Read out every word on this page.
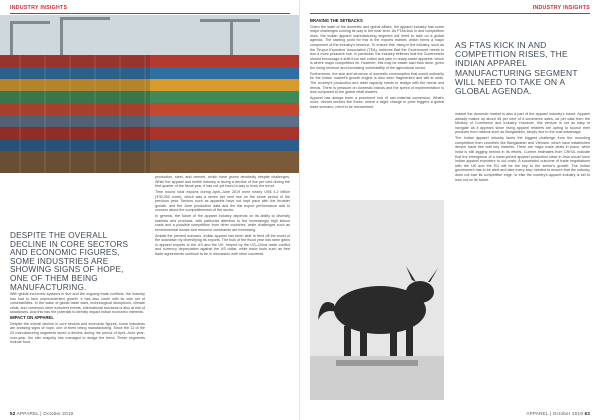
INDUSTRY INSIGHTS

production, steel, and cement, which have grown decidedly despite challenges. While the apparel and textile industry is facing a decline of five per cent during the first quarter of the fiscal year, it has not yet found a way to buck the trend.

Time bound total exports during April–June 2019 were nearly US$ 4.2 billion (₹30,000 crore), which was a seven per cent rise on the same period of the previous year. Sectors such as apparels have not kept pace with the broader growth, and the June production data and the flat export performance add to concern about the competitiveness of the sector.

In general, the future of the apparel industry depends on its ability to diversify markets and products, with particular attention to the increasingly high labour costs and a possible competition from other countries, while challenges such as environmental issues and resource constraints are increasing.

Amidst the present scenario, Indian apparel has been able to fend off the worst of the slowdown by diversifying its exports. The bulk of the fiscal year has seen gains in apparel exports to the US and the UK, helped by the US–China trade conflict and currency depreciation against the US dollar, while trade tools such as free trade agreements continue to be in discussion with other countries.

DESPITE THE OVERALL DECLINE IN CORE SECTORS AND ECONOMIC FIGURES, SOME INDUSTRIES ARE SHOWING SIGNS OF HOPE, ONE OF THEM BEING MANUFACTURING.

With global economic systems in flux and the ongoing trade conflicts, the industry has had to face unprecedented growth, it has also come with its own set of vulnerabilities. In the wake of global trade wars, technological disruptions, climate crisis, and numerous other turbulent events, international business is also at risk of slowdowns. And this has the potential to directly impact Indian economic interests.

IMPACT ON APPAREL

Despite the overall decline in core sectors and economic figures, some industries are showing signs of hope, one of them being manufacturing. Since the 11 of the 23 manufacturing segments faced a decline during the period of April–June year-over-year, the slim majority has managed to dodge the trend. These segments include food

52 APPAREL | October 2019
INDUSTRY INSIGHTS
BRAVING THE SETBACKS

Given the state of the domestic and global affairs, the apparel industry has some major challenges coming its way in the near term. As FTAs kick in and competition rises, the Indian apparel manufacturing segment will need to take on a global agenda. The starting point for this is the exports market, which forms a major component of the industry's revenue. To ensure this, rising in the industry, such as the Tirupur Exporters' Association (TEA), believes that the Government needs to don a more proactive role. In particular, the industry believes that the Government should encourage a shift from raw cotton and yarn to ready-made apparels, which is where major competitors lie. However, this may be easier said than done, given the rising revenue and increasing vulnerability of the agricultural sector.

Furthermore, the size and structure of domestic consumption that would ordinarily be the Indian market's growth engine is also seen fragmented and still at odds. The country's production and retail capacity needs to realign with the needs and trends. There is pressure on domestic brands and the speed of implementation is less compared to the global retail leaders.

Apparel has always been a prominent hub of raw material conversion. What's more, vibrant sectors like these, where a slight change in price triggers a global trade scenario, need to be reexamined.

AS FTAS KICK IN AND COMPETITION RISES, THE INDIAN APPAREL MANUFACTURING SEGMENT WILL NEED TO TAKE ON A GLOBAL AGENDA.

market the domestic market is also a part of the apparel industry's future. Apparel already makes up about 45 per cent of e-commerce sales, as per data from the Ministry of Commerce and Industry. However, this venture is not as easy to navigate as it appears since rising apparel retailers are opting to source their products from nations such as Bangladesh, simply due to the cost advantage.

The Indian apparel industry faces the biggest challenge from the mounting competition from countries like Bangladesh and Vietnam, which have established deeper trade ties with key markets. There are major trade deals in place, while India is still lagging behind in its efforts. Current estimates from CRISIL indicate that the emergence of a lower-priced apparel production base in Asia would force Indian apparel exporters to cut costs. A successful outcome of trade negotiations with the UK and the EU will be the key to the sector's growth. The Indian government has to be alert and take every step needed to ensure that the industry does not lose its competitive edge, or else the country's apparel industry is set to lose out on its future.

APPAREL | October 2019 53
